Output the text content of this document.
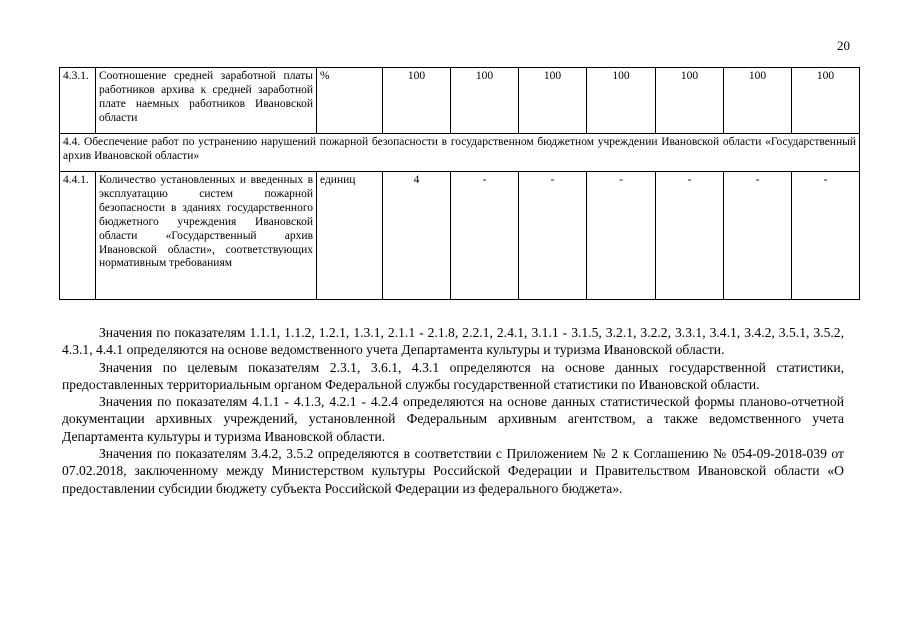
20
4.3.1.	Соотношение средней заработной платы работников архива к средней заработной плате наемных работников Ивановской области	%	100	100	100	100	100	100	100
4.4. Обеспечение работ по устранению нарушений пожарной безопасности в государственном бюджетном учреждении Ивановской области «Государственный архив Ивановской области»									
4.4.1.	Количество установленных и введенных в эксплуатацию систем пожарной безопасности в зданиях государственного бюджетного учреждения Ивановской области «Государственный архив Ивановской области», соответствующих нормативным требованиям	единиц	4	-	-	-	-	-	-

Значения по показателям 1.1.1, 1.1.2, 1.2.1, 1.3.1, 2.1.1 - 2.1.8, 2.2.1, 2.4.1, 3.1.1 - 3.1.5, 3.2.1, 3.2.2, 3.3.1, 3.4.1, 3.4.2, 3.5.1, 3.5.2, 4.3.1, 4.4.1 определяются на основе ведомственного учета Департамента культуры и туризма Ивановской области.

Значения по целевым показателям 2.3.1, 3.6.1, 4.3.1 определяются на основе данных государственной статистики, предоставленных территориальным органом Федеральной службы государственной статистики по Ивановской области.

Значения по показателям 4.1.1 - 4.1.3, 4.2.1 - 4.2.4 определяются на основе данных статистической формы планово-отчетной документации архивных учреждений, установленной Федеральным архивным агентством, а также ведомственного учета Департамента культуры и туризма Ивановской области.

Значения по показателям 3.4.2, 3.5.2 определяются в соответствии с Приложением № 2 к Соглашению № 054-09-2018-039 от 07.02.2018, заключенному между Министерством культуры Российской Федерации и Правительством Ивановской области «О предоставлении субсидии бюджету субъекта Российской Федерации из федерального бюджета».
